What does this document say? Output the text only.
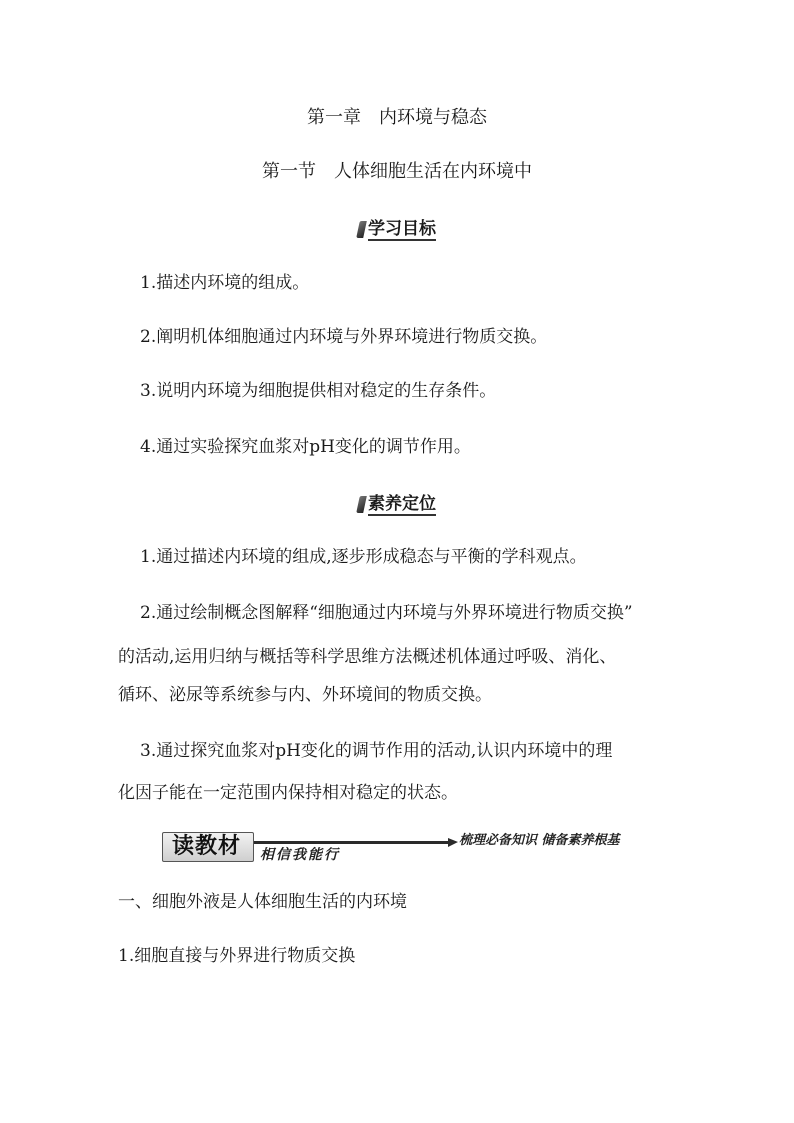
第一章　内环境与稳态
第一节　人体细胞生活在内环境中
学习目标
1.描述内环境的组成。
2.阐明机体细胞通过内环境与外界环境进行物质交换。
3.说明内环境为细胞提供相对稳定的生存条件。
4.通过实验探究血浆对pH变化的调节作用。
素养定位
1.通过描述内环境的组成,逐步形成稳态与平衡的学科观点。
2.通过绘制概念图解释“细胞通过内环境与外界环境进行物质交换”
的活动,运用归纳与概括等科学思维方法概述机体通过呼吸、消化、
循环、泌尿等系统参与内、外环境间的物质交换。
3.通过探究血浆对pH变化的调节作用的活动,认识内环境中的理
化因子能在一定范围内保持相对稳定的状态。
读教材 相信我能行
梳理必备知识 储备素养根基
一、细胞外液是人体细胞生活的内环境
1.细胞直接与外界进行物质交换
